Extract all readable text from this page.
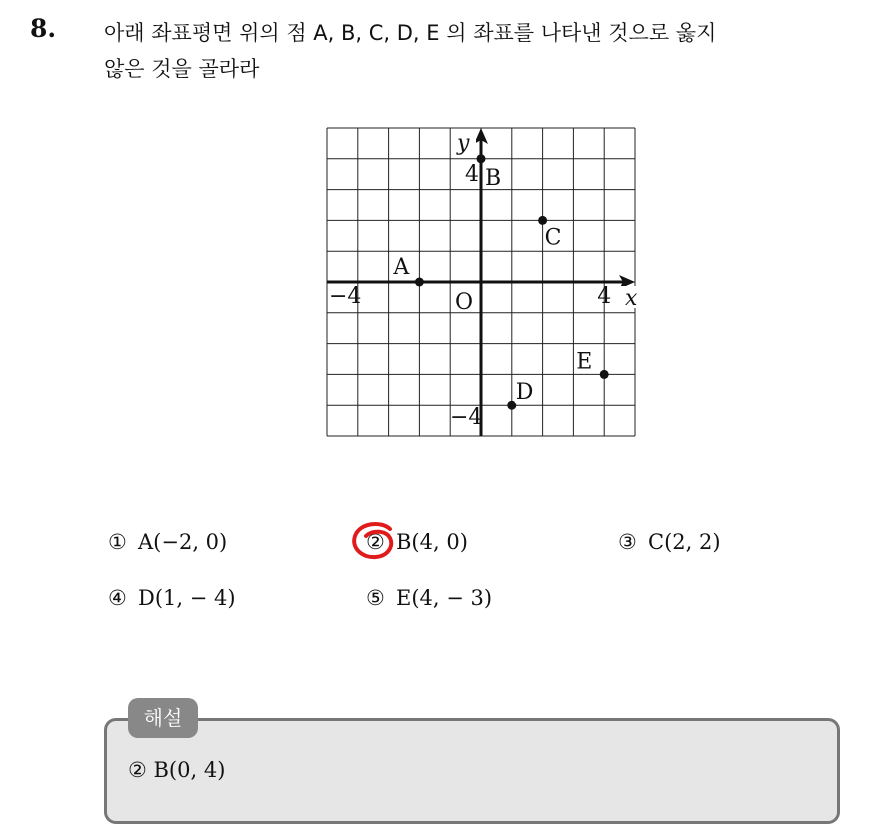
8. 아래 좌표평면 위의 점 A, B, C, D, E 의 좌표를 나타낸 것으로 옳지
않은 것을 골라라
x
4
−4
y
4
−4
O
A
B
C
D
E
① A(−2, 0)	② B(4, 0)	③ C(2, 2)
④ D(1, − 4)	⑤ E(4, − 3)
해설
② B(0, 4)
